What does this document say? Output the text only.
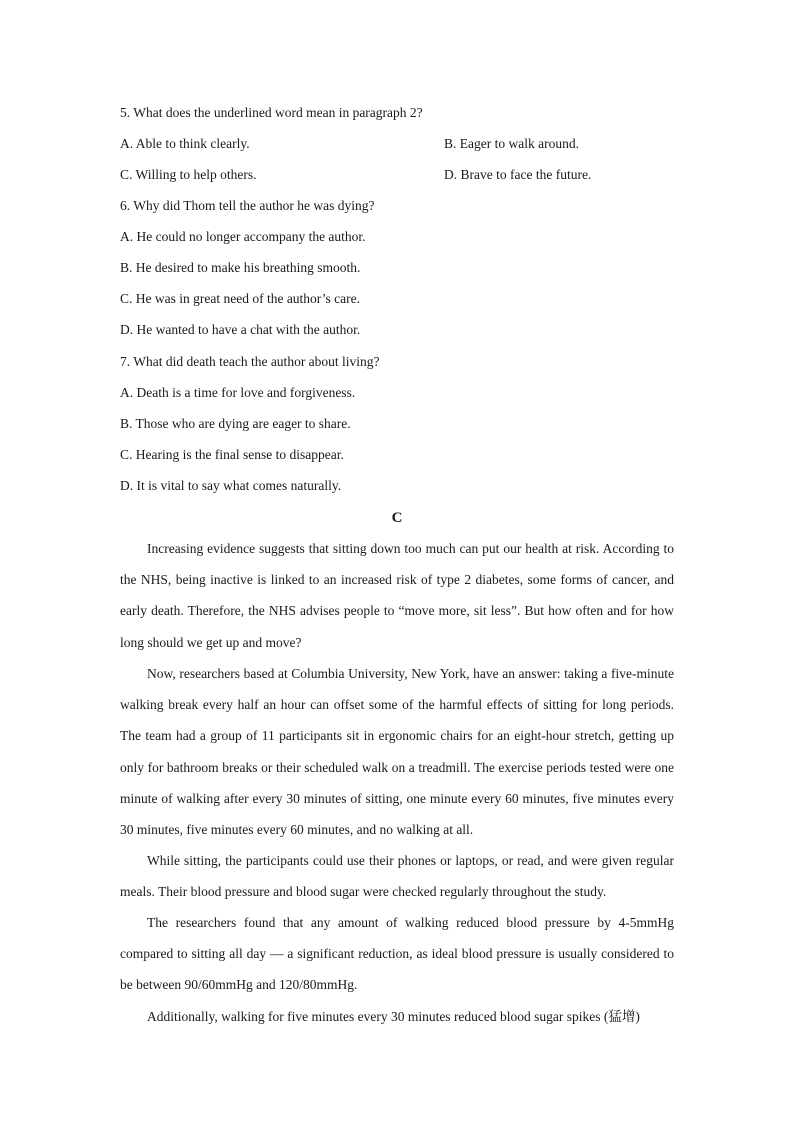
5. What does the underlined word mean in paragraph 2?
A. Able to think clearly.	B. Eager to walk around.
C. Willing to help others.	D. Brave to face the future.
6. Why did Thom tell the author he was dying?
A. He could no longer accompany the author.
B. He desired to make his breathing smooth.
C. He was in great need of the author’s care.
D. He wanted to have a chat with the author.
7. What did death teach the author about living?
A. Death is a time for love and forgiveness.
B. Those who are dying are eager to share.
C. Hearing is the final sense to disappear.
D. It is vital to say what comes naturally.
C

Increasing evidence suggests that sitting down too much can put our health at risk. According to the NHS, being inactive is linked to an increased risk of type 2 diabetes, some forms of cancer, and early death. Therefore, the NHS advises people to “move more, sit less”. But how often and for how long should we get up and move?

Now, researchers based at Columbia University, New York, have an answer: taking a five-minute walking break every half an hour can offset some of the harmful effects of sitting for long periods. The team had a group of 11 participants sit in ergonomic chairs for an eight-hour stretch, getting up only for bathroom breaks or their scheduled walk on a treadmill. The exercise periods tested were one minute of walking after every 30 minutes of sitting, one minute every 60 minutes, five minutes every 30 minutes, five minutes every 60 minutes, and no walking at all.

While sitting, the participants could use their phones or laptops, or read, and were given regular meals. Their blood pressure and blood sugar were checked regularly throughout the study.

The researchers found that any amount of walking reduced blood pressure by 4-5mmHg compared to sitting all day — a significant reduction, as ideal blood pressure is usually considered to be between 90/60mmHg and 120/80mmHg.

Additionally, walking for five minutes every 30 minutes reduced blood sugar spikes (猛增)
